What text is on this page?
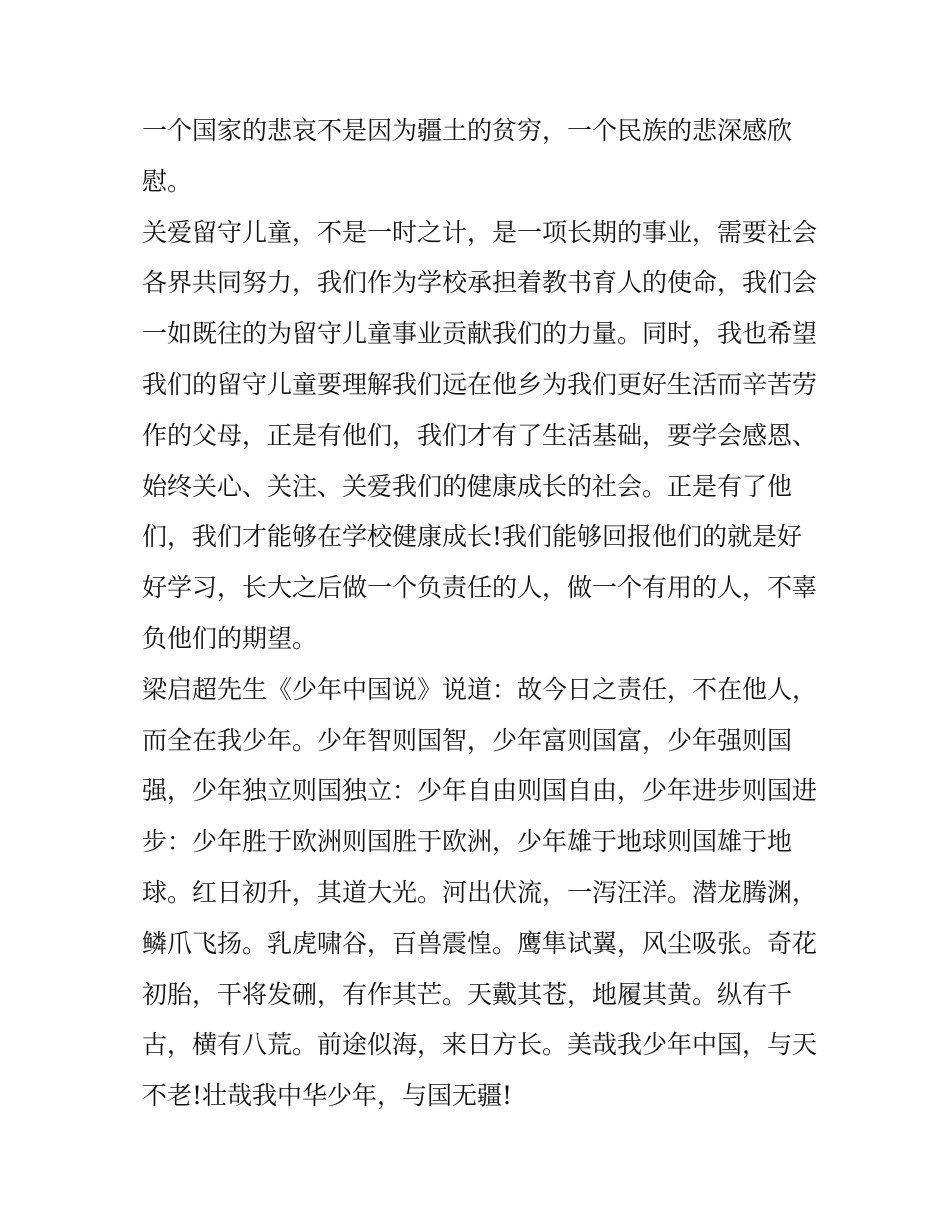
一个国家的悲哀不是因为疆土的贫穷，一个民族的悲深感欣
慰。
关爱留守儿童，不是一时之计，是一项长期的事业，需要社会
各界共同努力，我们作为学校承担着教书育人的使命，我们会
一如既往的为留守儿童事业贡献我们的力量。同时，我也希望
我们的留守儿童要理解我们远在他乡为我们更好生活而辛苦劳
作的父母，正是有他们，我们才有了生活基础，要学会感恩、
始终关心、关注、关爱我们的健康成长的社会。正是有了他
们，我们才能够在学校健康成长!我们能够回报他们的就是好
好学习，长大之后做一个负责任的人，做一个有用的人，不辜
负他们的期望。
梁启超先生《少年中国说》说道：故今日之责任，不在他人，
而全在我少年。少年智则国智，少年富则国富，少年强则国
强，少年独立则国独立：少年自由则国自由，少年进步则国进
步：少年胜于欧洲则国胜于欧洲，少年雄于地球则国雄于地
球。红日初升，其道大光。河出伏流，一泻汪洋。潜龙腾渊，
鳞爪飞扬。乳虎啸谷，百兽震惶。鹰隼试翼，风尘吸张。奇花
初胎，干将发硎，有作其芒。天戴其苍，地履其黄。纵有千
古，横有八荒。前途似海，来日方长。美哉我少年中国，与天
不老!壮哉我中华少年，与国无疆!
